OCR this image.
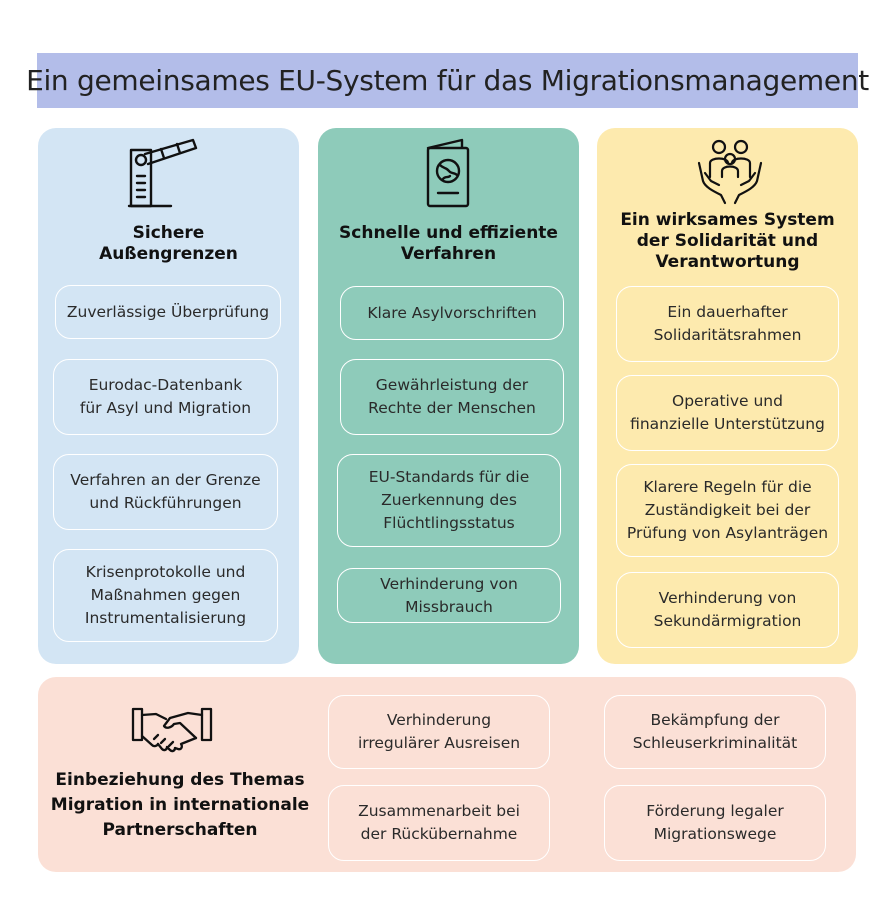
Ein gemeinsames EU-System für das Migrationsmanagement
Sichere
Außengrenzen
Zuverlässige Überprüfung
Eurodac-Datenbank
für Asyl und Migration
Verfahren an der Grenze
und Rückführungen
Krisenprotokolle und
Maßnahmen gegen
Instrumentalisierung
Schnelle und effiziente
Verfahren
Klare Asylvorschriften
Gewährleistung der
Rechte der Menschen
EU-Standards für die
Zuerkennung des
Flüchtlingsstatus
Verhinderung von
Missbrauch
Ein wirksames System
der Solidarität und
Verantwortung
Ein dauerhafter
Solidaritätsrahmen
Operative und
finanzielle Unterstützung
Klarere Regeln für die
Zuständigkeit bei der
Prüfung von Asylanträgen
Verhinderung von
Sekundärmigration
Einbeziehung des Themas
Migration in internationale
Partnerschaften
Verhinderung
irregulärer Ausreisen
Bekämpfung der
Schleuserkriminalität
Zusammenarbeit bei
der Rückübernahme
Förderung legaler
Migrationswege
